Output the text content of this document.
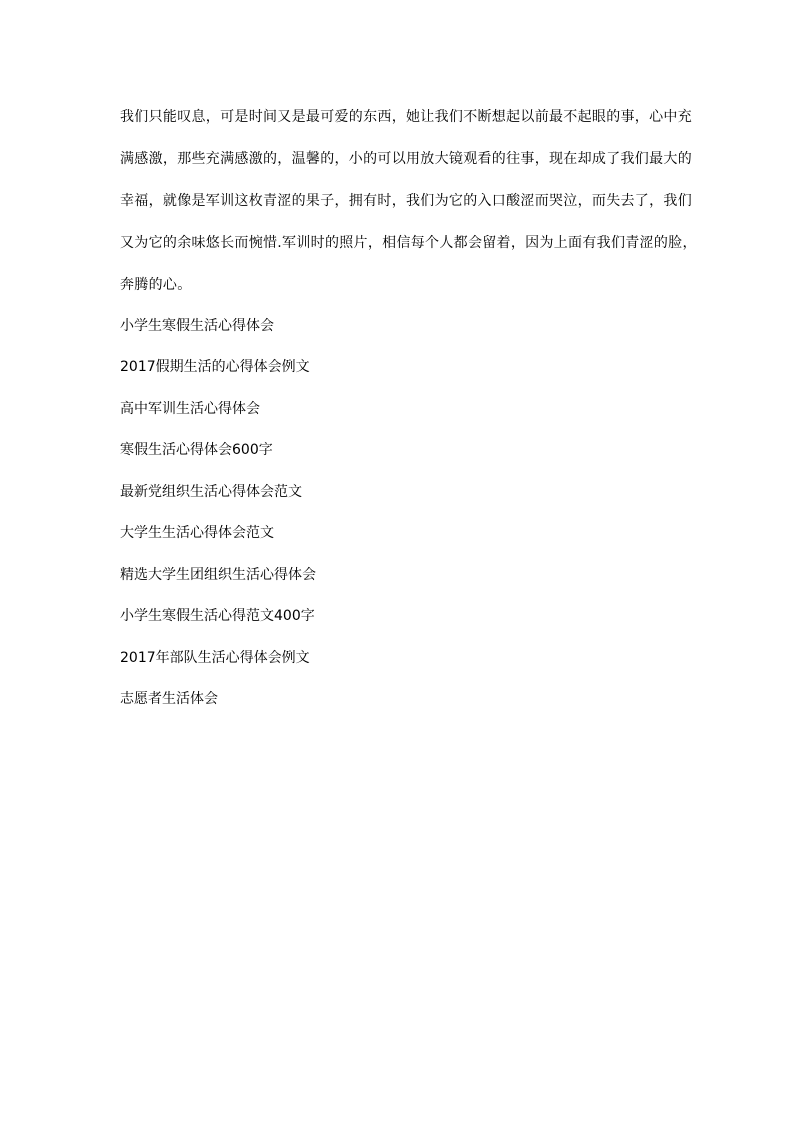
我们只能叹息，可是时间又是最可爱的东西，她让我们不断想起以前最不起眼的事，心中充
满感激，那些充满感激的，温馨的，小的可以用放大镜观看的往事，现在却成了我们最大的
幸福，就像是军训这枚青涩的果子，拥有时，我们为它的入口酸涩而哭泣，而失去了，我们
又为它的余味悠长而惋惜.军训时的照片，相信每个人都会留着，因为上面有我们青涩的脸，
奔腾的心。
小学生寒假生活心得体会
2017假期生活的心得体会例文
高中军训生活心得体会
寒假生活心得体会600字
最新党组织生活心得体会范文
大学生生活心得体会范文
精选大学生团组织生活心得体会
小学生寒假生活心得范文400字
2017年部队生活心得体会例文
志愿者生活体会
